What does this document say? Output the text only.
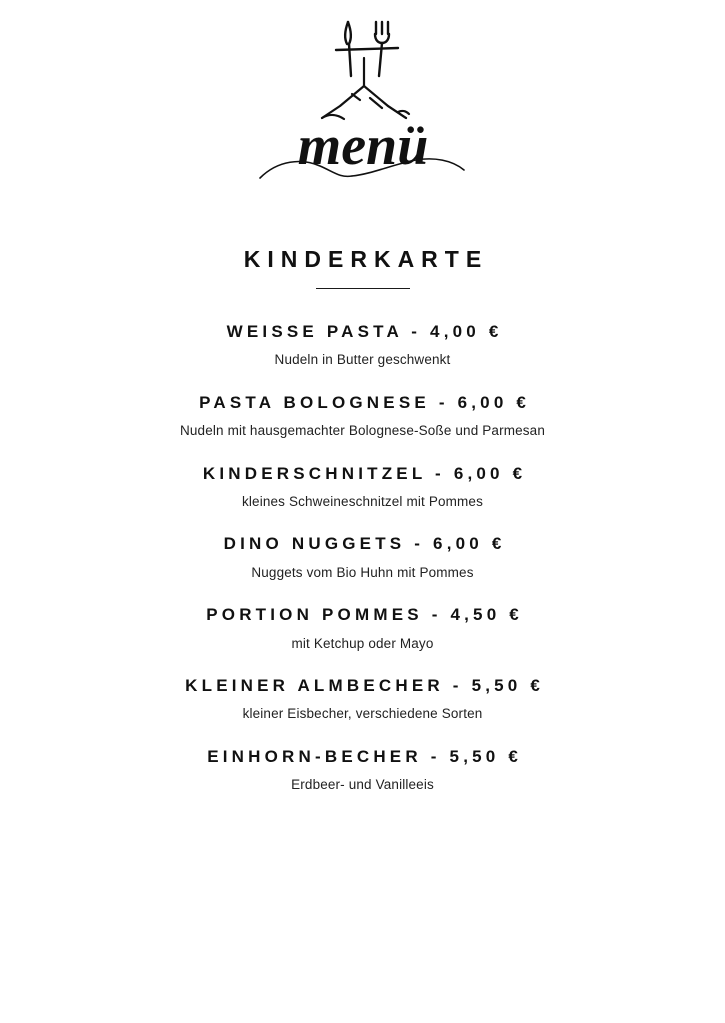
menü
KINDERKARTE
WEISSE PASTA - 4,00 €
Nudeln in Butter geschwenkt
PASTA BOLOGNESE - 6,00 €
Nudeln mit hausgemachter Bolognese-Soße und Parmesan
KINDERSCHNITZEL - 6,00 €
kleines Schweineschnitzel mit Pommes
DINO NUGGETS - 6,00 €
Nuggets vom Bio Huhn mit Pommes
PORTION POMMES - 4,50 €
mit Ketchup oder Mayo
KLEINER ALMBECHER - 5,50 €
kleiner Eisbecher, verschiedene Sorten
EINHORN-BECHER - 5,50 €
Erdbeer- und Vanilleeis
